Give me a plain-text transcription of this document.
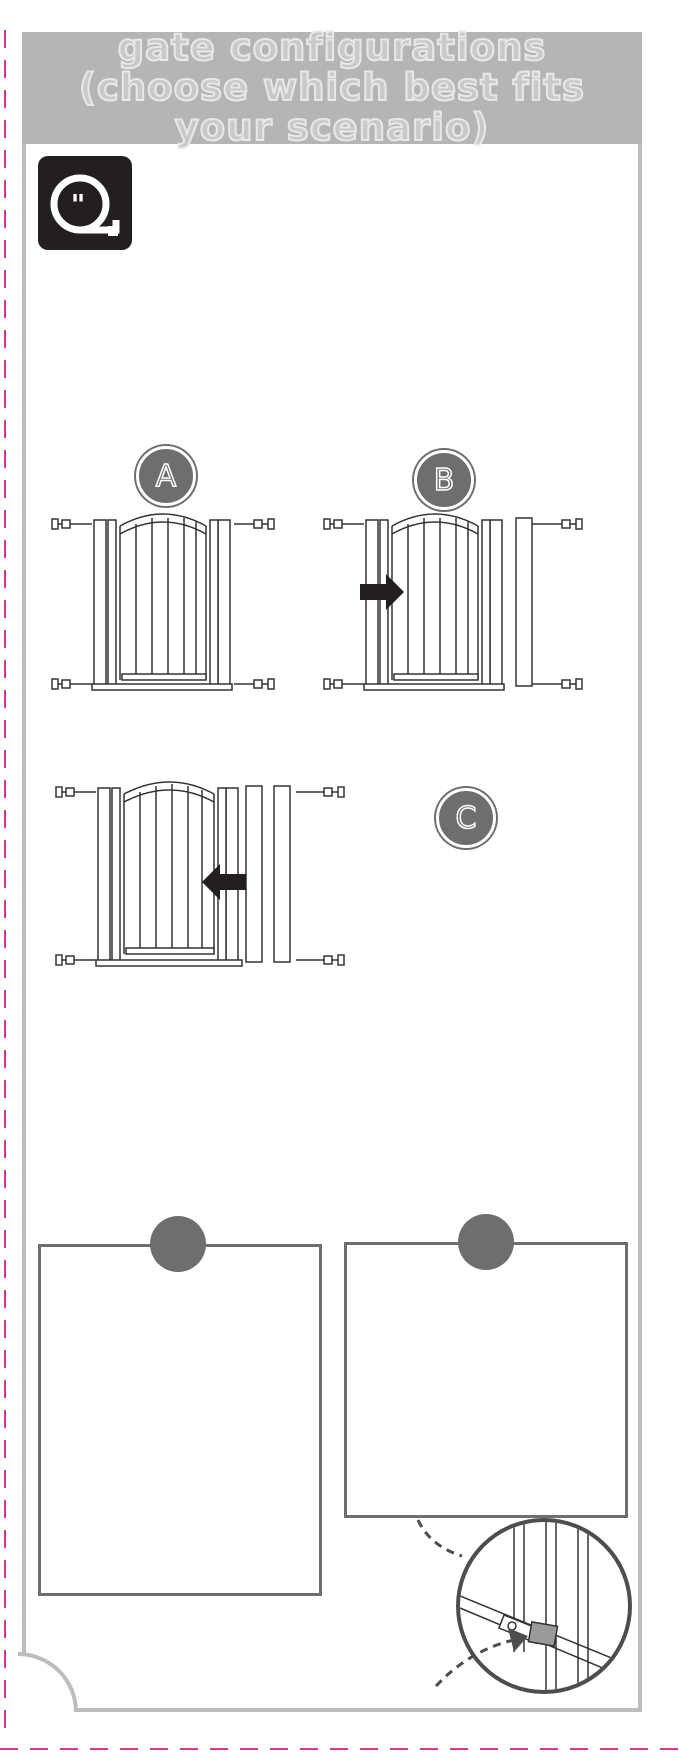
gate configurations (choose which best fits your scenario)
"
A	B
C
